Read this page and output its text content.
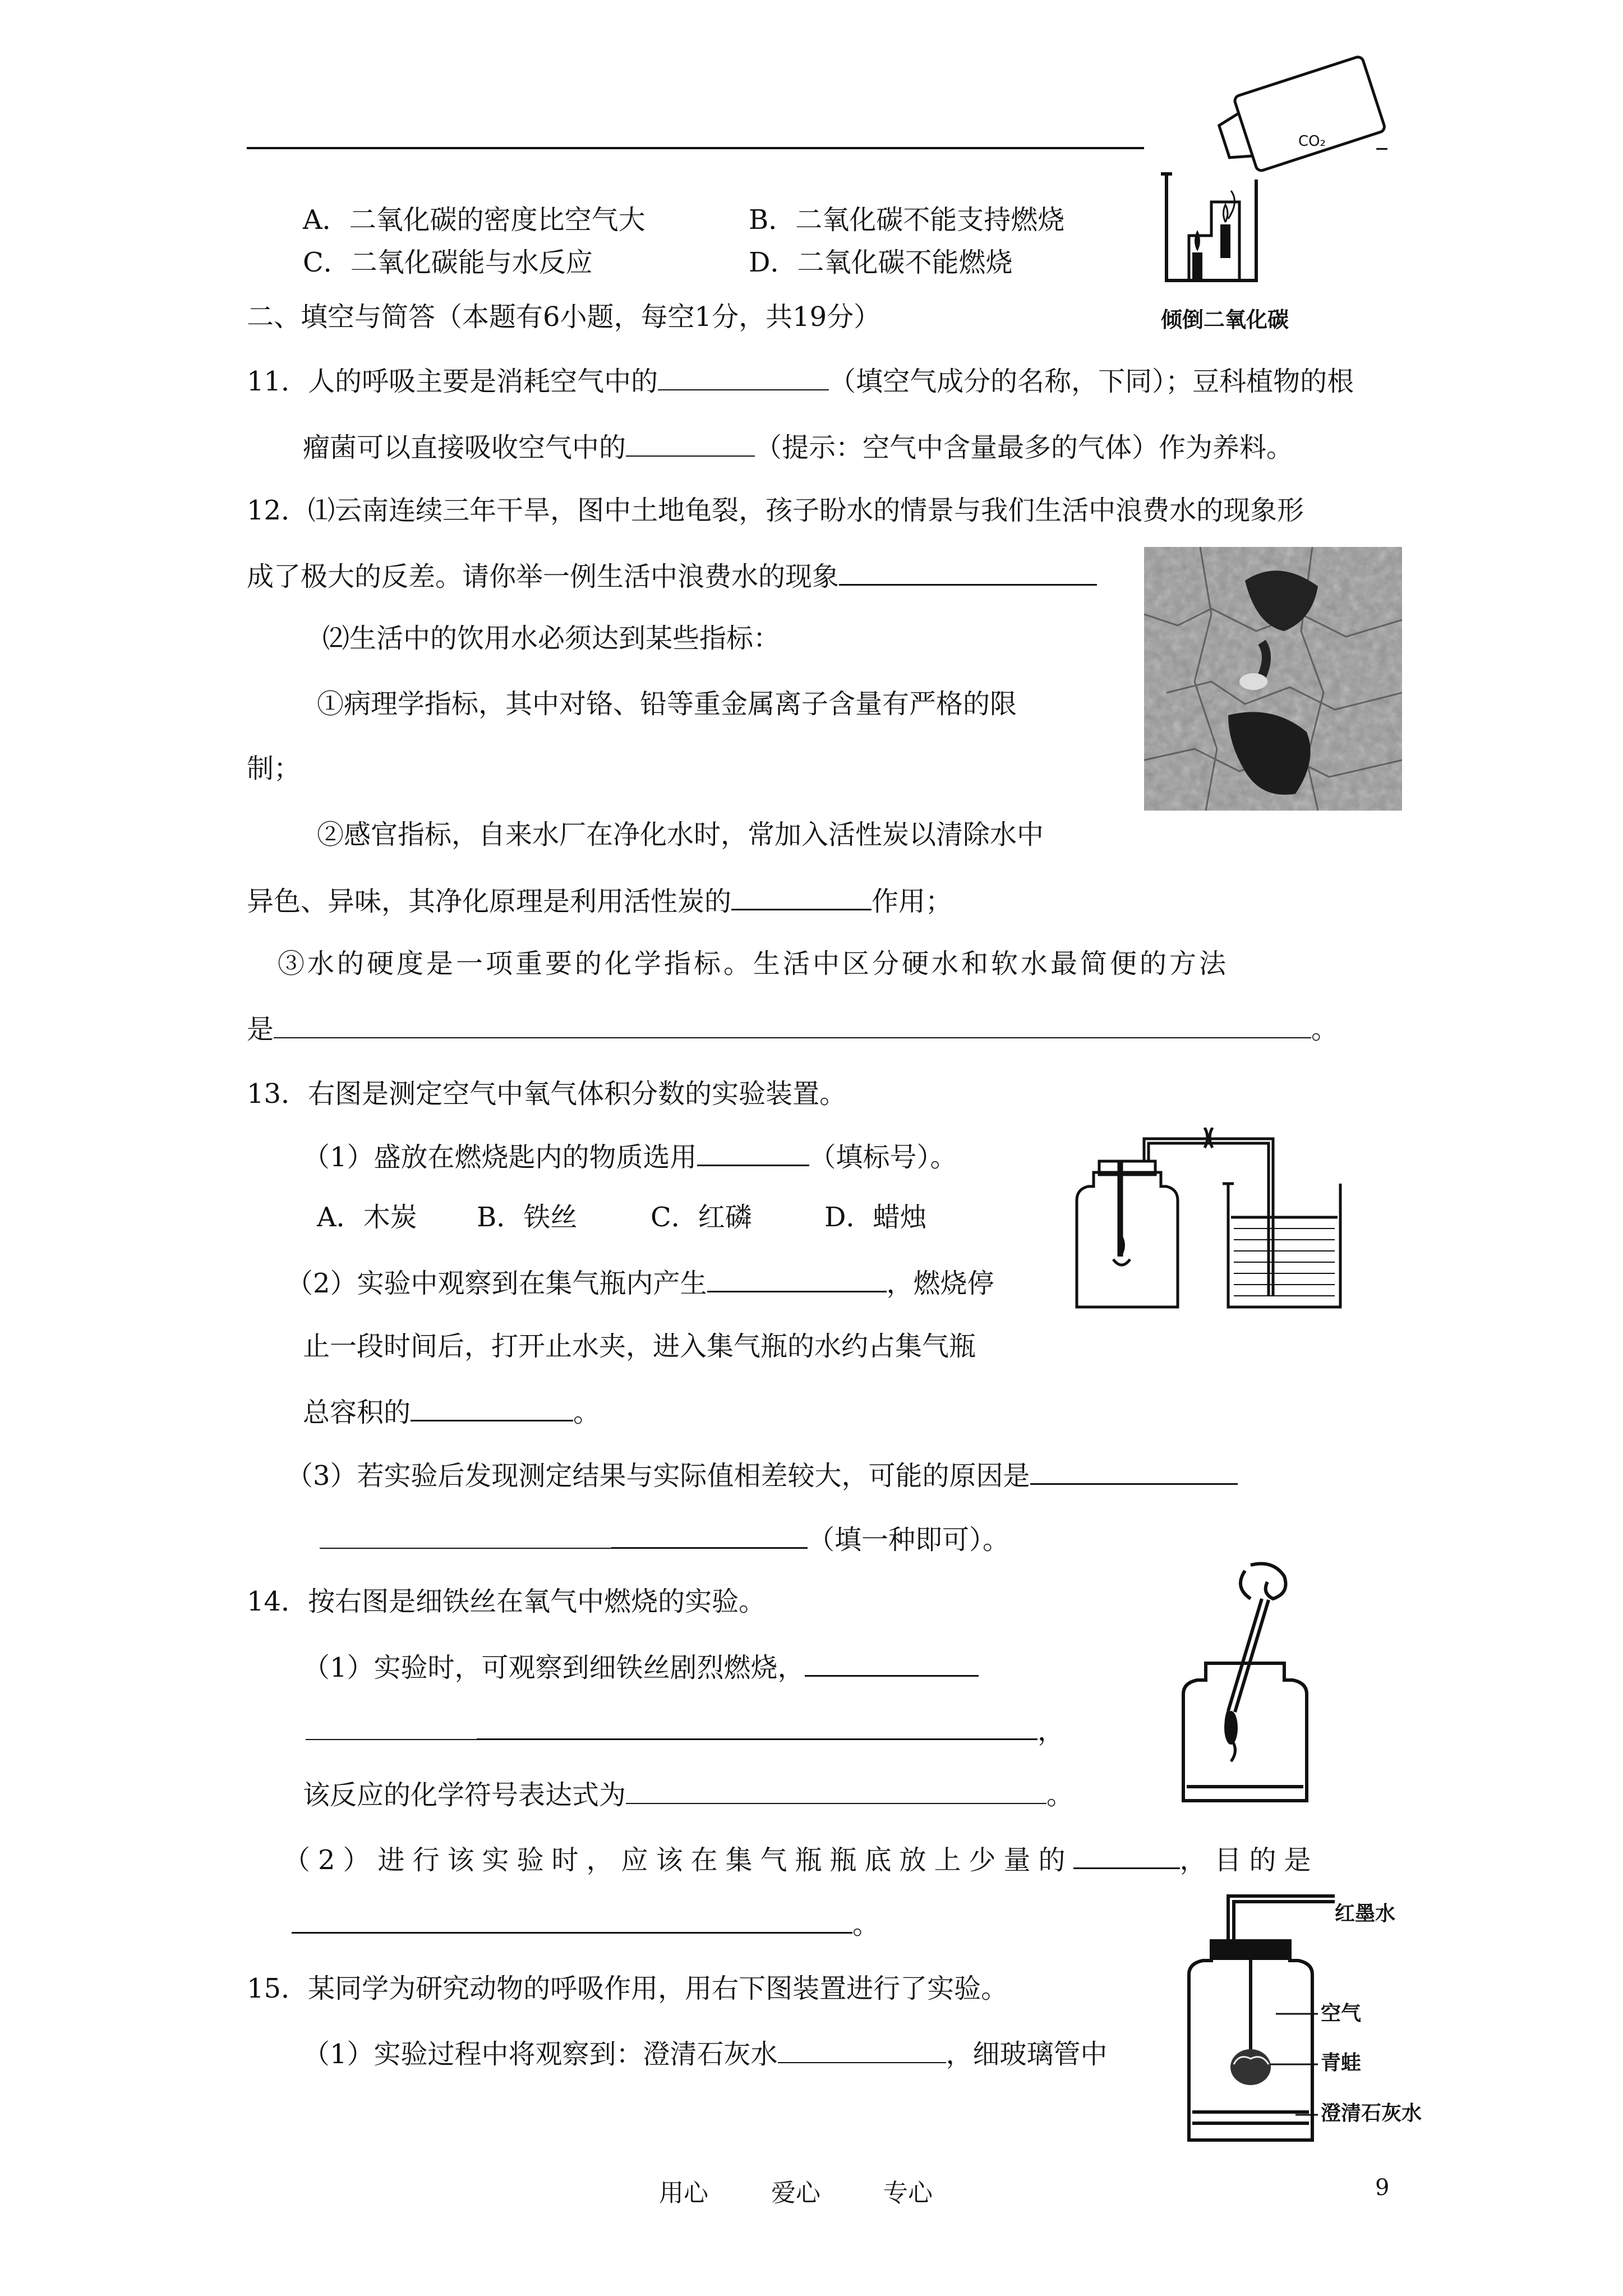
–
CO₂
倾倒二氧化碳
A．二氧化碳的密度比空气大	B．二氧化碳不能支持燃烧
C．二氧化碳能与水反应	D．二氧化碳不能燃烧
二、填空与简答（本题有6小题，每空1分，共19分）
11．人的呼吸主要是消耗空气中的	（填空气成分的名称，下同）；豆科植物的根
瘤菌可以直接吸收空气中的	（提示：空气中含量最多的气体）作为养料。
12．⑴云南连续三年干旱，图中土地龟裂，孩子盼水的情景与我们生活中浪费水的现象形
成了极大的反差。请你举一例生活中浪费水的现象
⑵生活中的饮用水必须达到某些指标：
①病理学指标，其中对铬、铅等重金属离子含量有严格的限
制；
②感官指标，自来水厂在净化水时，常加入活性炭以清除水中
异色、异味，其净化原理是利用活性炭的	作用；
③水的硬度是一项重要的化学指标。生活中区分硬水和软水最简便的方法
是	。
13．右图是测定空气中氧气体积分数的实验装置。
（1）盛放在燃烧匙内的物质选用	（填标号）。
A．木炭 B．铁丝	C．红磷	D．蜡烛
（2）实验中观察到在集气瓶内产生	，燃烧停
止一段时间后，打开止水夹，进入集气瓶的水约占集气瓶
总容积的	。
（3）若实验后发现测定结果与实际值相差较大，可能的原因是
（填一种即可）。
14．按右图是细铁丝在氧气中燃烧的实验。
（1）实验时，可观察到细铁丝剧烈燃烧，
，
该反应的化学符号表达式为	。
（2）进行该实验时，应该在集气瓶瓶底放上少量的	，目的是
。
15．某同学为研究动物的呼吸作用，用右下图装置进行了实验。
（1）实验过程中将观察到：澄清石灰水	，细玻璃管中
红墨水
空气
青蛙
澄清石灰水
用心	爱心	专心	9
